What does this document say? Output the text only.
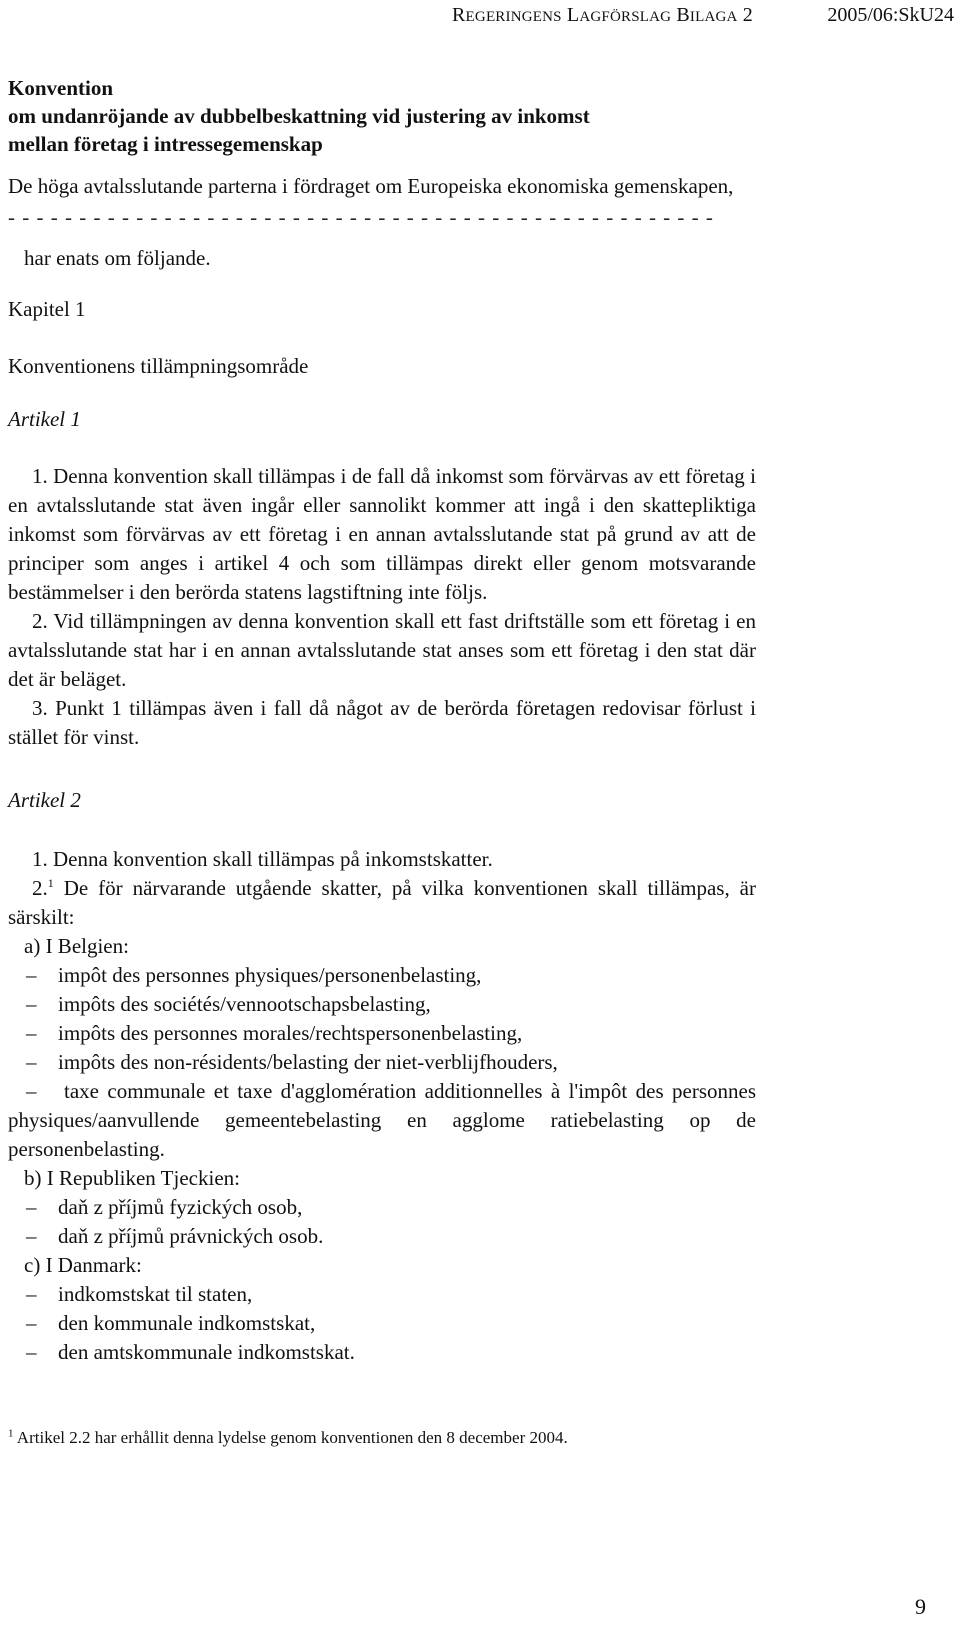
REGERINGENS LAGFÖRSLAG BILAGA 2	2005/06:SkU24

Konvention

om undanröjande av dubbelbeskattning vid justering av inkomst

mellan företag i intressegemenskap

De höga avtalsslutande parterna i fördraget om Europeiska ekonomiska gemenskapen,

- - - - - - - - - - - - - - - - - - - - - - - - - - - - - - - - - - - - - - - - - - - - - - - - - -

har enats om följande.

Kapitel 1

Konventionens tillämpningsområde

Artikel 1

1. Denna konvention skall tillämpas i de fall då inkomst som förvärvas av ett företag i en avtalsslutande stat även ingår eller sannolikt kommer att ingå i den skattepliktiga inkomst som förvärvas av ett företag i en annan avtalsslutande stat på grund av att de principer som anges i artikel 4 och som tillämpas direkt eller genom motsvarande bestämmelser i den berörda statens lagstiftning inte följs.

2. Vid tillämpningen av denna konvention skall ett fast driftställe som ett företag i en avtalsslutande stat har i en annan avtalsslutande stat anses som ett företag i den stat där det är beläget.

3. Punkt 1 tillämpas även i fall då något av de berörda företagen redovisar förlust i stället för vinst.

Artikel 2

1. Denna konvention skall tillämpas på inkomstskatter.

2.$^1$ De för närvarande utgående skatter, på vilka konventionen skall tillämpas, är särskilt:

a) I Belgien:

–	impôt des personnes physiques/personenbelasting,

–	impôts des sociétés/vennootschapsbelasting,

–	impôts des personnes morales/rechtspersonenbelasting,

–	impôts des non-résidents/belasting der niet-verblijfhouders,

– taxe communale et taxe d'agglomération additionnelles à l'impôt des personnes physiques/aanvullende gemeentebelasting en agglome ratiebelasting op de personenbelasting.

b) I Republiken Tjeckien:

–	daň z příjmů fyzických osob,

–	daň z příjmů právnických osob.

c) I Danmark:

–	indkomstskat til staten,

–	den kommunale indkomstskat,

–	den amtskommunale indkomstskat.

$^1$ Artikel 2.2 har erhållit denna lydelse genom konventionen den 8 december 2004.
9
